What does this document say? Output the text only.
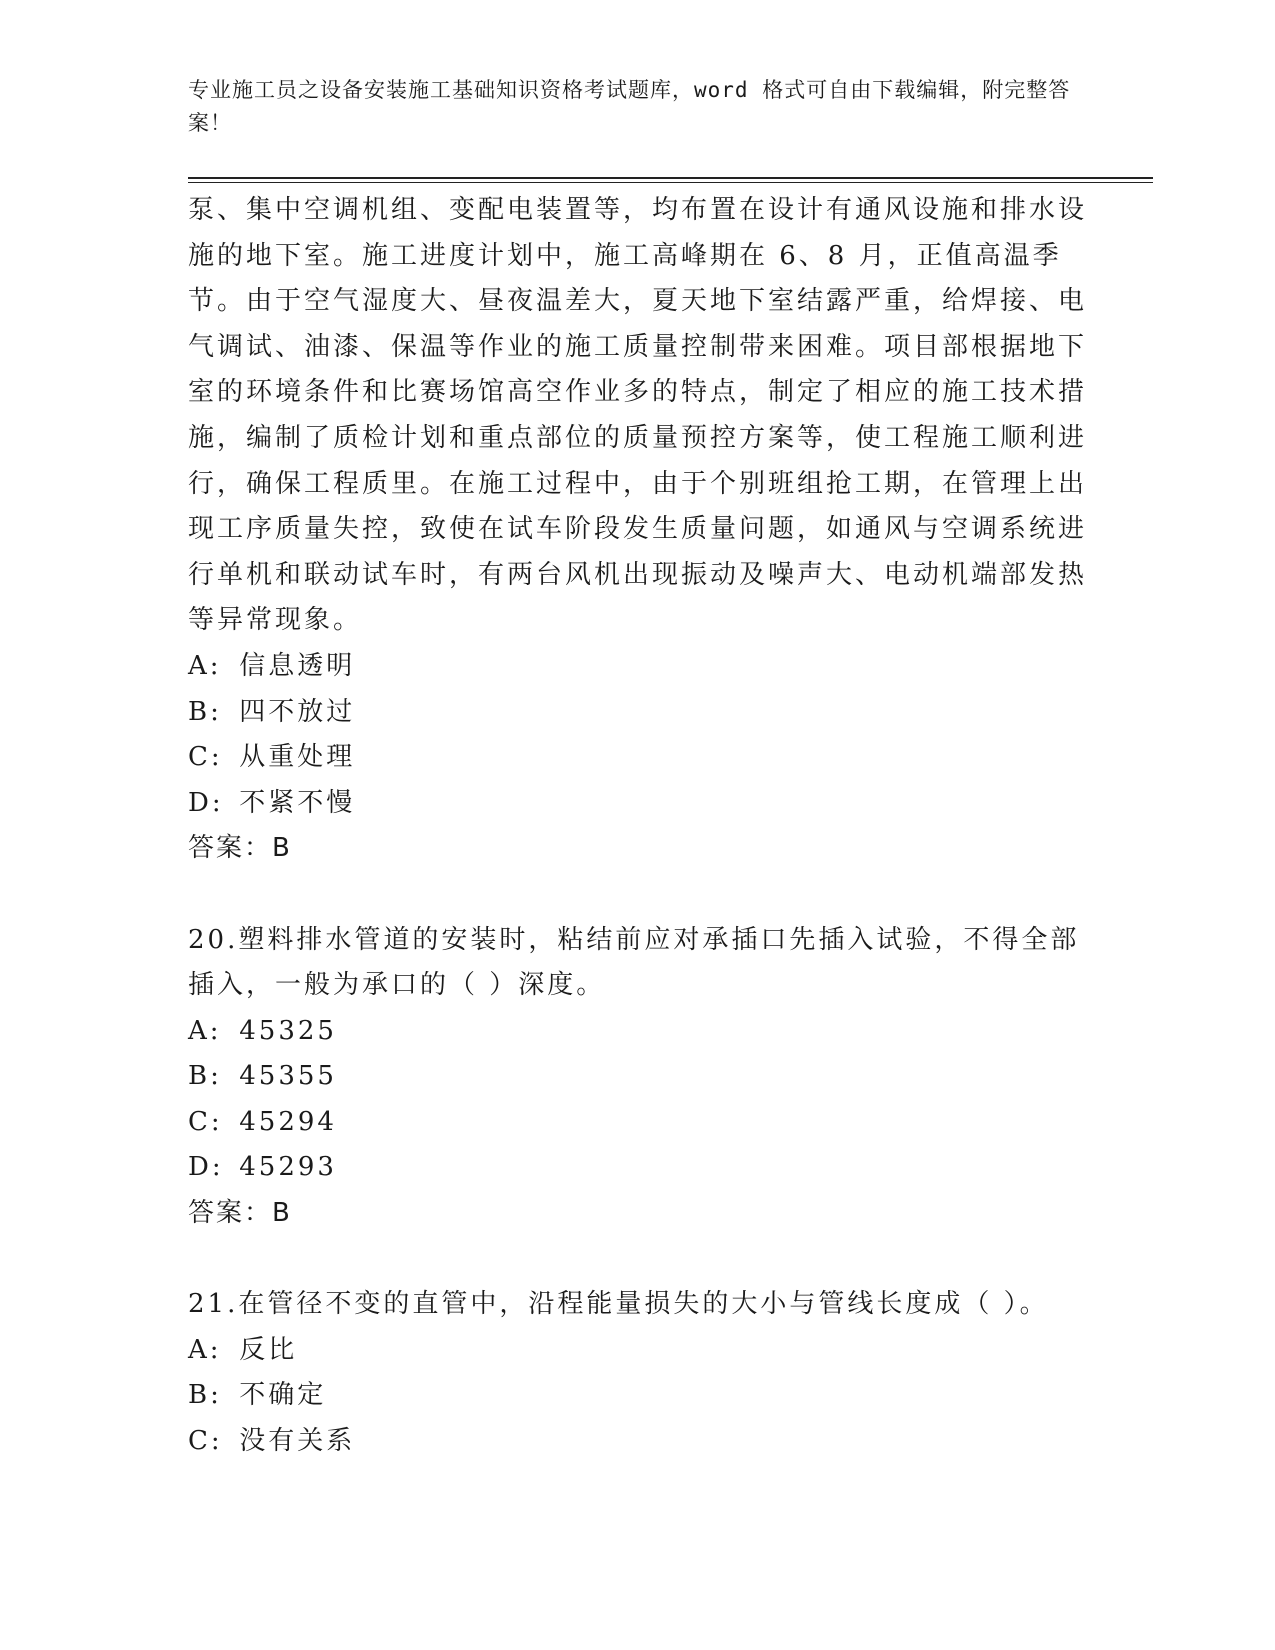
专业施工员之设备安装施工基础知识资格考试题库，word 格式可自由下载编辑，附完整答案！

泵、集中空调机组、变配电装置等，均布置在设计有通风设施和排水设施的地下室。施工进度计划中，施工高峰期在 6、8 月，正值高温季节。由于空气湿度大、昼夜温差大，夏天地下室结露严重，给焊接、电气调试、油漆、保温等作业的施工质量控制带来困难。项目部根据地下室的环境条件和比赛场馆高空作业多的特点，制定了相应的施工技术措施，编制了质检计划和重点部位的质量预控方案等，使工程施工顺利进行，确保工程质里。在施工过程中，由于个别班组抢工期，在管理上出现工序质量失控，致使在试车阶段发生质量问题，如通风与空调系统进行单机和联动试车时，有两台风机出现振动及噪声大、电动机端部发热等异常现象。

A: 信息透明
B: 四不放过
C: 从重处理
D: 不紧不慢
答案：B

20.塑料排水管道的安装时，粘结前应对承插口先插入试验，不得全部插入，一般为承口的（ ）深度。

A: 45325
B: 45355
C: 45294
D: 45293
答案：B

21.在管径不变的直管中，沿程能量损失的大小与管线长度成（ ）。

A: 反比
B: 不确定
C: 没有关系
